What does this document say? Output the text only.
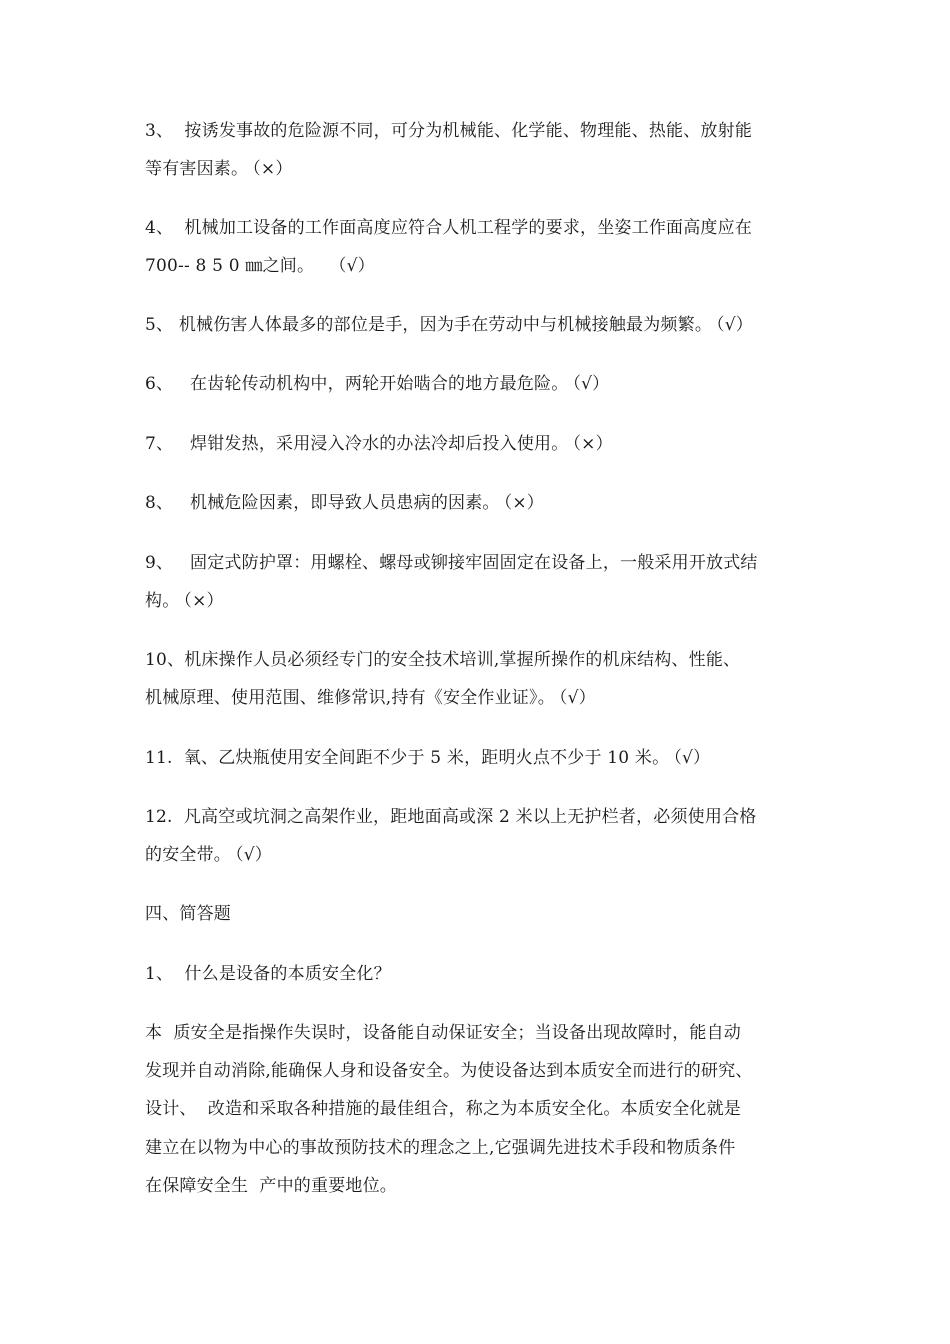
3、  按诱发事故的危险源不同，可分为机械能、化学能、物理能、热能、放射能
等有害因素。 （×）
4、  机械加工设备的工作面高度应符合人机工程学的要求，坐姿工作面高度应在
700-- 8 5 0 ㎜之间。  （√）
5、 机械伤害人体最多的部位是手，因为手在劳动中与机械接触最为频繁。 （√）
6、   在齿轮传动机构中，两轮开始啮合的地方最危险。 （√）
7、   焊钳发热，采用浸入冷水的办法冷却后投入使用。 （×）
8、   机械危险因素，即导致人员患病的因素。 （×）
9、   固定式防护罩：用螺栓、螺母或铆接牢固固定在设备上，一般采用开放式结
构。 （×）
10、机床操作人员必须经专门的安全技术培训,掌握所操作的机床结构、性能、
机械原理、使用范围、维修常识,持有《安全作业证》。 （√）
11.  氧、乙炔瓶使用安全间距不少于 5 米，距明火点不少于 10 米。 （√）
12.  凡高空或坑洞之高架作业，距地面高或深 2 米以上无护栏者，必须使用合格
的安全带。 （√）
四、简答题
1、  什么是设备的本质安全化？
本  质安全是指操作失误时，设备能自动保证安全；当设备出现故障时，能自动
发现并自动消除,能确保人身和设备安全。为使设备达到本质安全而进行的研究、
设计、  改造和采取各种措施的最佳组合，称之为本质安全化。本质安全化就是
建立在以物为中心的事故预防技术的理念之上,它强调先进技术手段和物质条件
在保障安全生  产中的重要地位。
